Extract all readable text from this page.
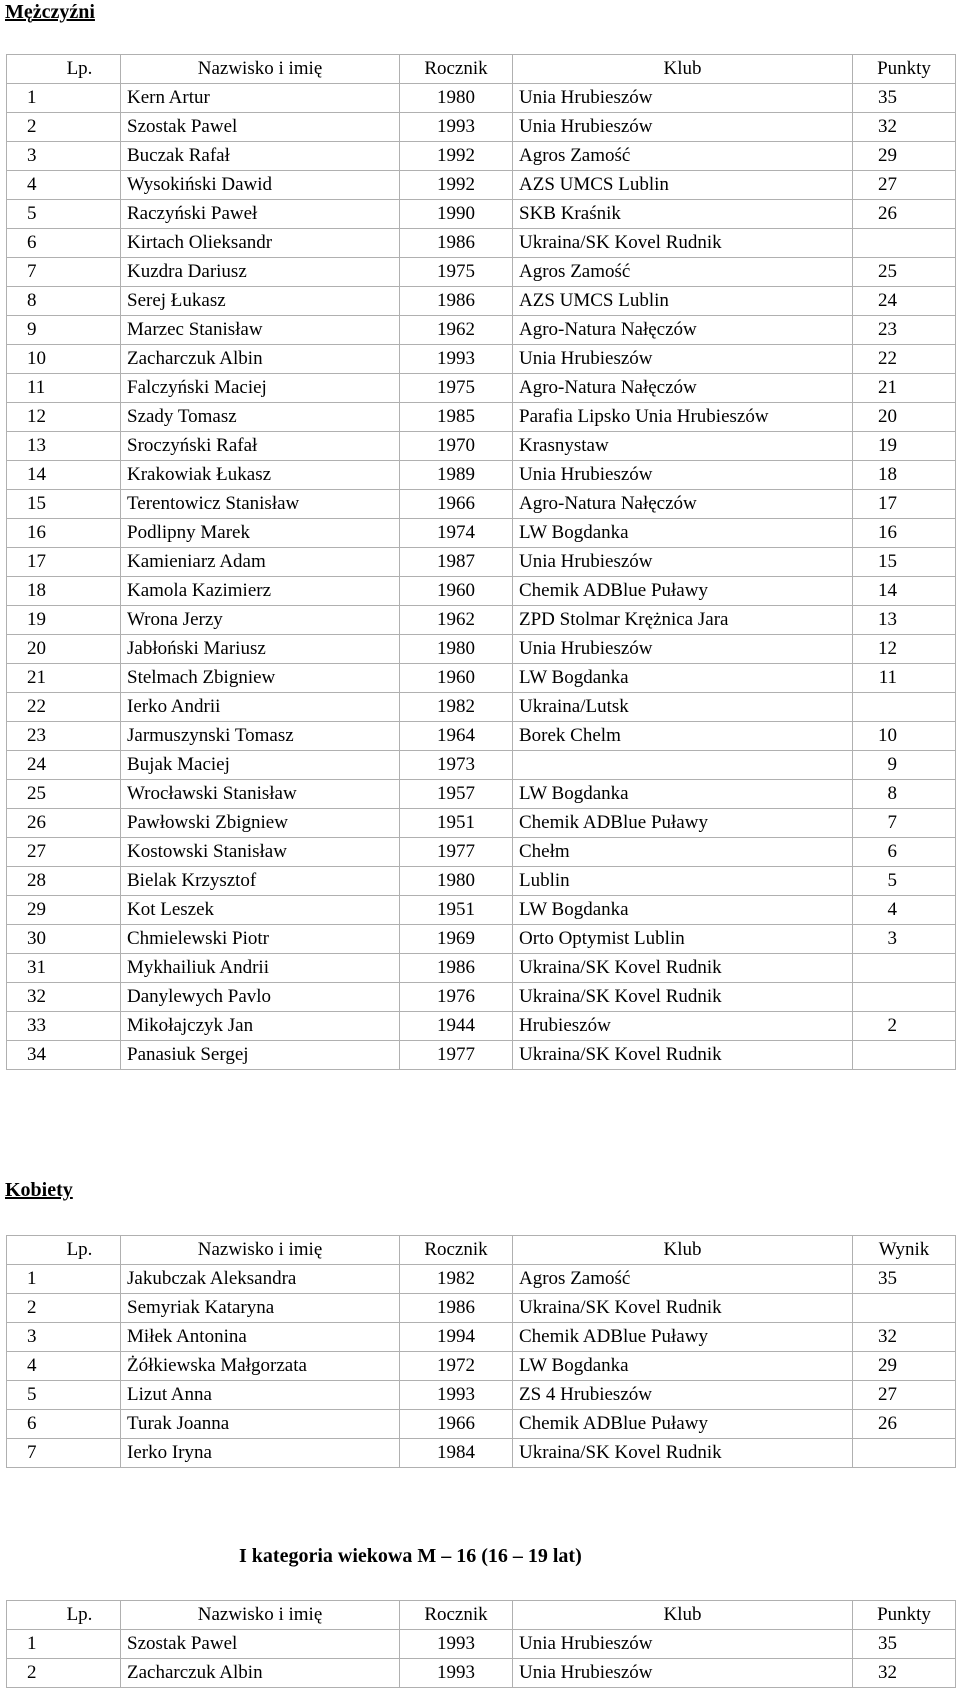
Mężczyźni
Lp.	Nazwisko i imię	Rocznik	Klub	Punkty
1	Kern Artur	1980	Unia Hrubieszów	35
2	Szostak Pawel	1993	Unia Hrubieszów	32
3	Buczak Rafał	1992	Agros Zamość	29
4	Wysokiński Dawid	1992	AZS UMCS Lublin	27
5	Raczyński Paweł	1990	SKB Kraśnik	26
6	Kirtach Olieksandr	1986	Ukraina/SK Kovel Rudnik	
7	Kuzdra Dariusz	1975	Agros Zamość	25
8	Serej Łukasz	1986	AZS UMCS Lublin	24
9	Marzec Stanisław	1962	Agro-Natura Nałęczów	23
10	Zacharczuk Albin	1993	Unia Hrubieszów	22
11	Falczyński Maciej	1975	Agro-Natura Nałęczów	21
12	Szady Tomasz	1985	Parafia Lipsko Unia Hrubieszów	20
13	Sroczyński Rafał	1970	Krasnystaw	19
14	Krakowiak Łukasz	1989	Unia Hrubieszów	18
15	Terentowicz Stanisław	1966	Agro-Natura Nałęczów	17
16	Podlipny Marek	1974	LW Bogdanka	16
17	Kamieniarz Adam	1987	Unia Hrubieszów	15
18	Kamola Kazimierz	1960	Chemik ADBlue Puławy	14
19	Wrona Jerzy	1962	ZPD Stolmar Krężnica Jara	13
20	Jabłoński Mariusz	1980	Unia Hrubieszów	12
21	Stelmach Zbigniew	1960	LW Bogdanka	11
22	Ierko Andrii	1982	Ukraina/Lutsk	
23	Jarmuszynski Tomasz	1964	Borek Chelm	10
24	Bujak Maciej	1973		9
25	Wrocławski Stanisław	1957	LW Bogdanka	8
26	Pawłowski Zbigniew	1951	Chemik ADBlue Puławy	7
27	Kostowski Stanisław	1977	Chełm	6
28	Bielak Krzysztof	1980	Lublin	5
29	Kot Leszek	1951	LW Bogdanka	4
30	Chmielewski Piotr	1969	Orto Optymist Lublin	3
31	Mykhailiuk Andrii	1986	Ukraina/SK Kovel Rudnik	
32	Danylewych Pavlo	1976	Ukraina/SK Kovel Rudnik	
33	Mikołajczyk Jan	1944	Hrubieszów	2
34	Panasiuk Sergej	1977	Ukraina/SK Kovel Rudnik	
Kobiety
Lp.	Nazwisko i imię	Rocznik	Klub	Wynik
1	Jakubczak Aleksandra	1982	Agros Zamość	35
2	Semyriak Kataryna	1986	Ukraina/SK Kovel Rudnik	
3	Miłek Antonina	1994	Chemik ADBlue Puławy	32
4	Żółkiewska Małgorzata	1972	LW Bogdanka	29
5	Lizut Anna	1993	ZS 4 Hrubieszów	27
6	Turak Joanna	1966	Chemik ADBlue Puławy	26
7	Ierko Iryna	1984	Ukraina/SK Kovel Rudnik	
I kategoria wiekowa M – 16 (16 – 19 lat)
Lp.	Nazwisko i imię	Rocznik	Klub	Punkty
1	Szostak Pawel	1993	Unia Hrubieszów	35
2	Zacharczuk Albin	1993	Unia Hrubieszów	32
